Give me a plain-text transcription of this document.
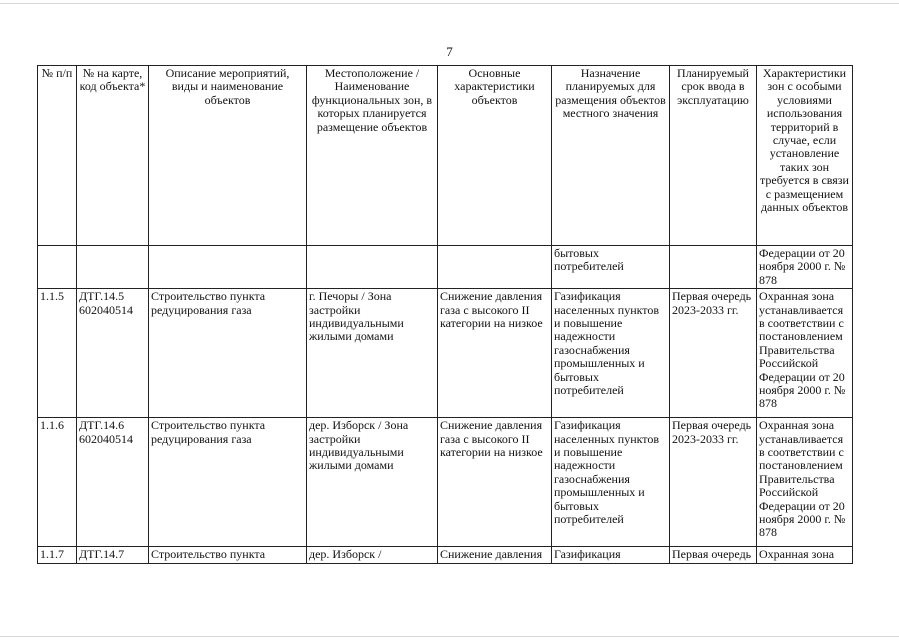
7
№ п/п	№ на карте, код объекта*	Описание мероприятий, виды и наименование объектов	Местоположение / Наименование функциональных зон, в которых планируется размещение объектов	Основные характеристики объектов	Назначение планируемых для размещения объектов местного значения	Планируемый срок ввода в эксплуатацию	Характеристики зон с особыми условиями использования территорий в случае, если установление таких зон требуется в связи с размещением данных объектов
					бытовых потребителей		Федерации от 20 ноября 2000 г. № 878
1.1.5	ДТГ.14.5 602040514	Строительство пункта редуцирования газа	г. Печоры / Зона застройки индивидуальными жилыми домами	Снижение давления газа с высокого II категории на низкое	Газификация населенных пунктов и повышение надежности газоснабжения промышленных и бытовых потребителей	Первая очередь 2023-2033 гг.	Охранная зона устанавливается в соответствии с постановлением Правительства Российской Федерации от 20 ноября 2000 г. № 878
1.1.6	ДТГ.14.6 602040514	Строительство пункта редуцирования газа	дер. Изборск / Зона застройки индивидуальными жилыми домами	Снижение давления газа с высокого II категории на низкое	Газификация населенных пунктов и повышение надежности газоснабжения промышленных и бытовых потребителей	Первая очередь 2023-2033 гг.	Охранная зона устанавливается в соответствии с постановлением Правительства Российской Федерации от 20 ноября 2000 г. № 878
1.1.7	ДТГ.14.7	Строительство пункта	дер. Изборск /	Снижение давления	Газификация	Первая очередь	Охранная зона
